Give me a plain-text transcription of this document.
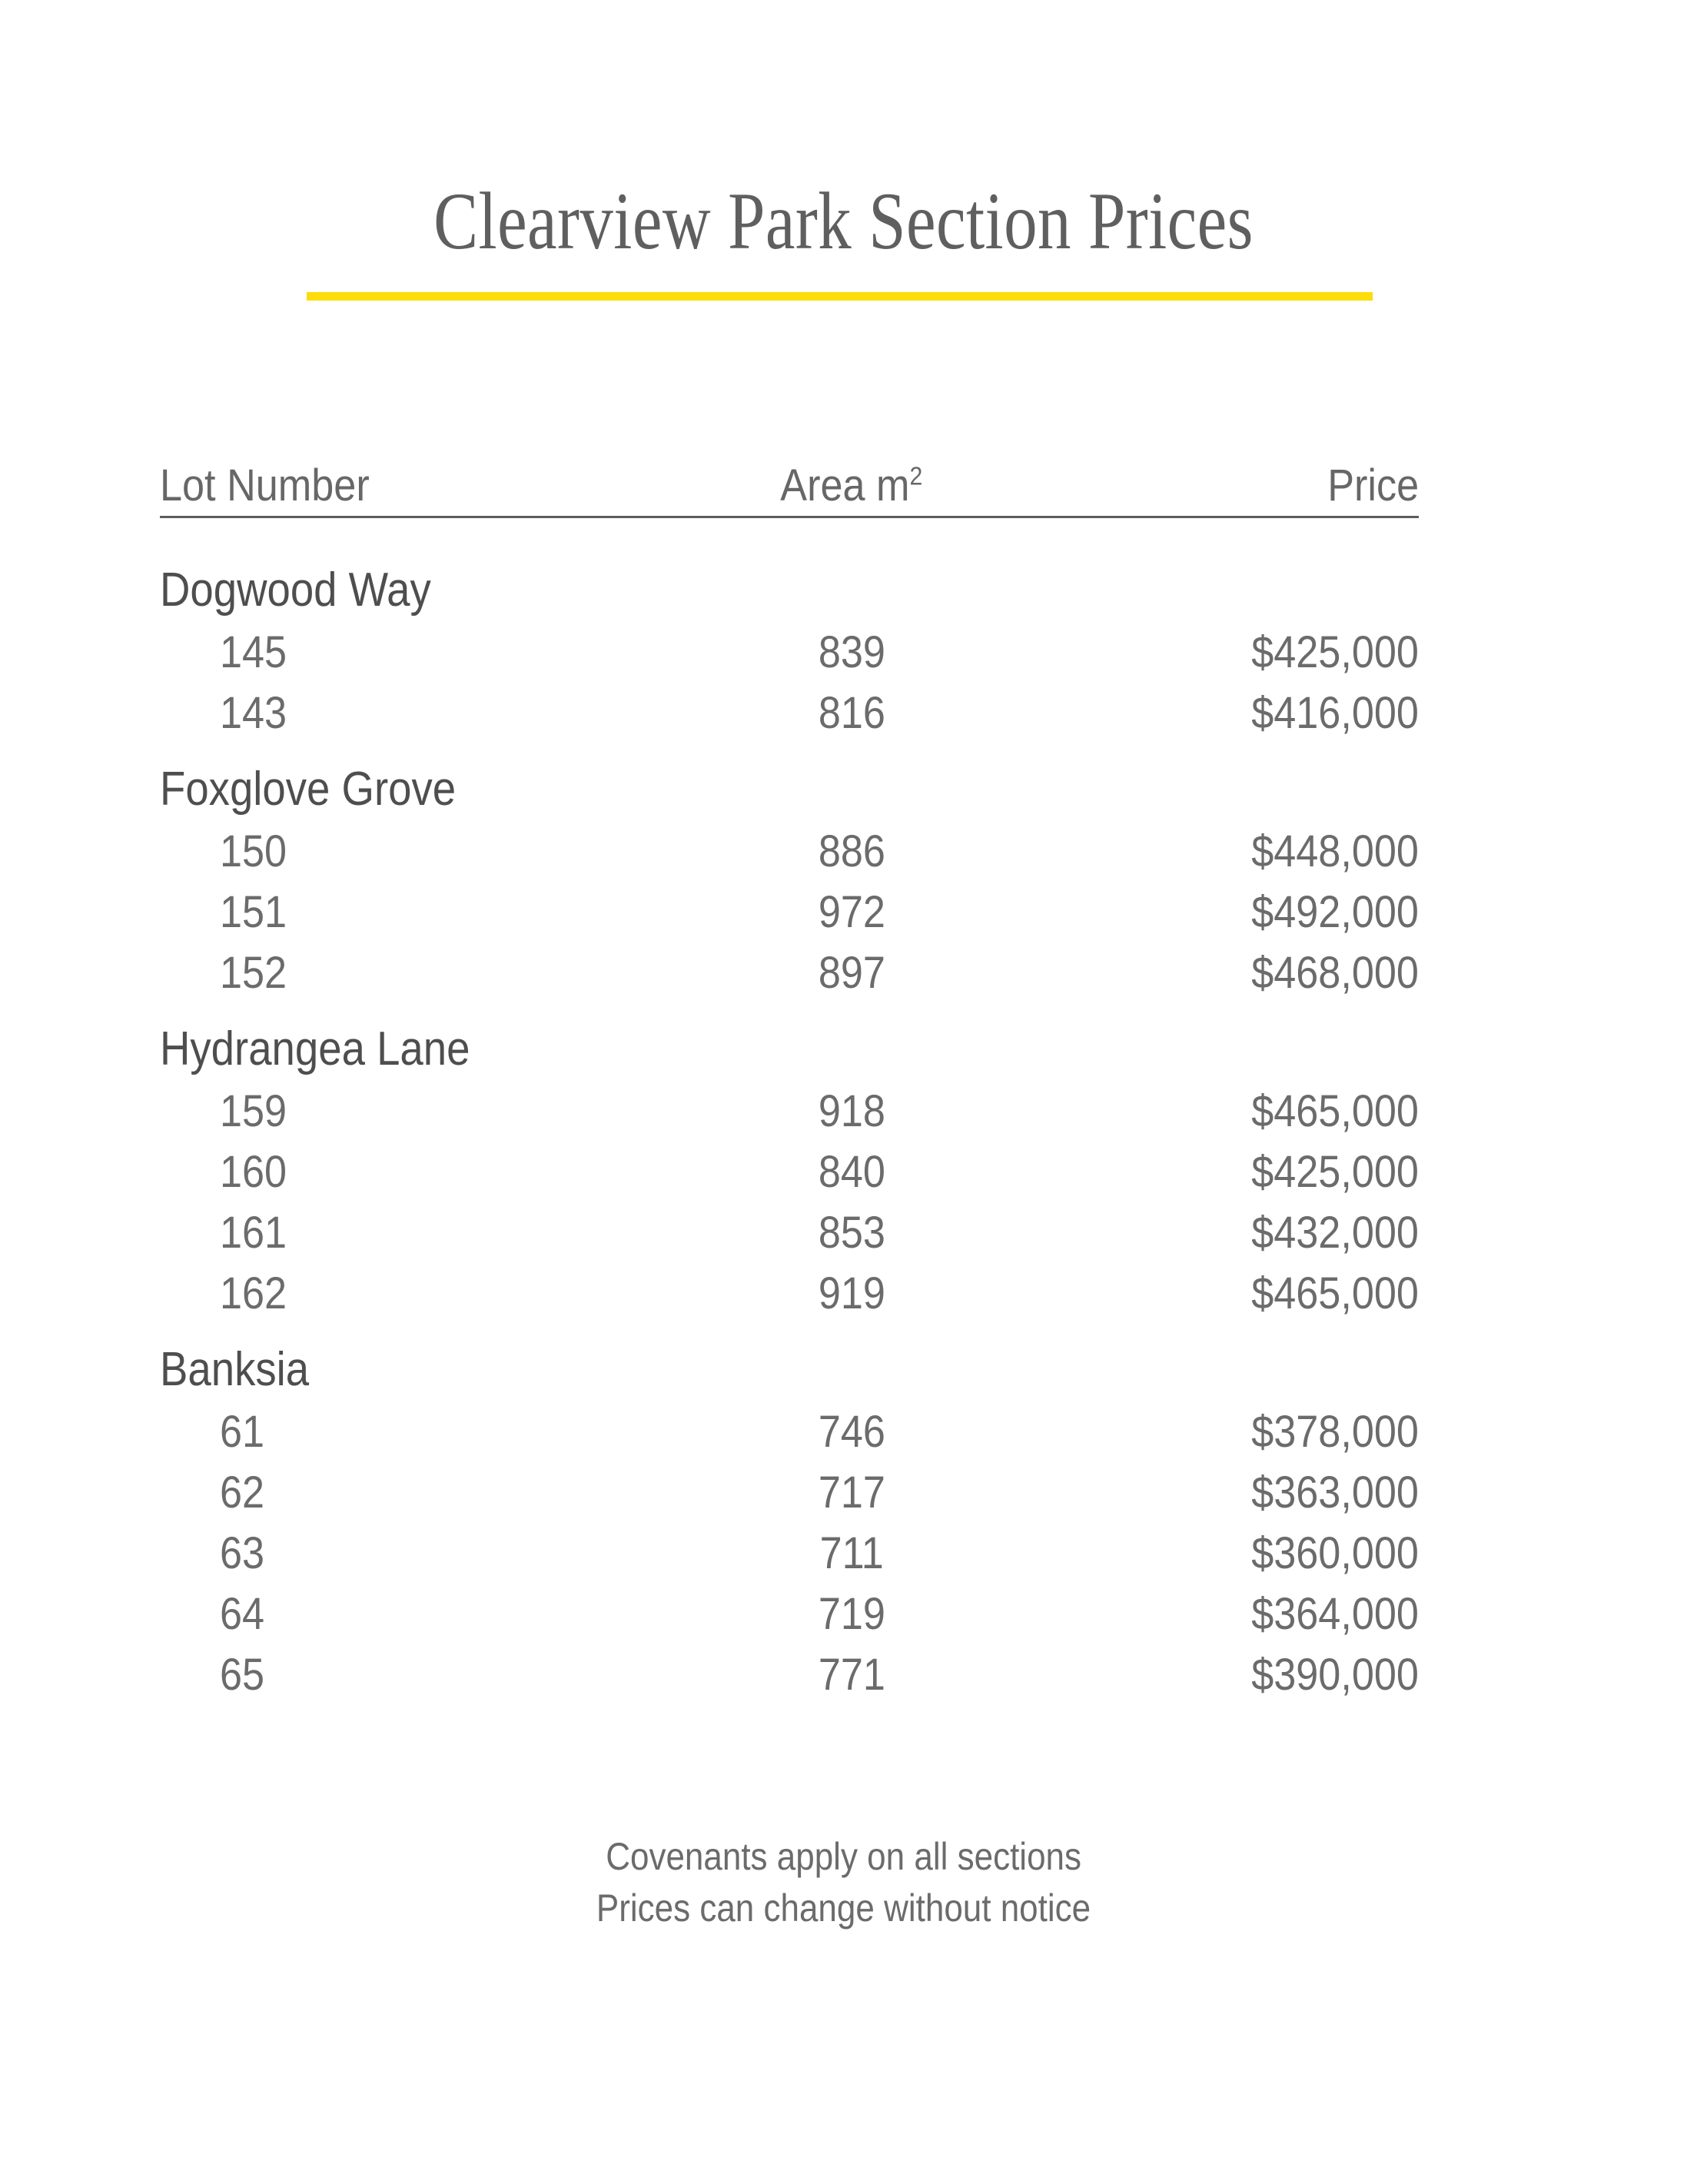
Clearview Park Section Prices
Lot Number	Area $m^2$	Price
Dogwood Way
145	839	$425,000
143	816	$416,000
Foxglove Grove
150	886	$448,000
151	972	$492,000
152	897	$468,000
Hydrangea Lane
159	918	$465,000
160	840	$425,000
161	853	$432,000
162	919	$465,000
Banksia
61	746	$378,000
62	717	$363,000
63	711	$360,000
64	719	$364,000
65	771	$390,000
Covenants apply on all sections
Prices can change without notice
